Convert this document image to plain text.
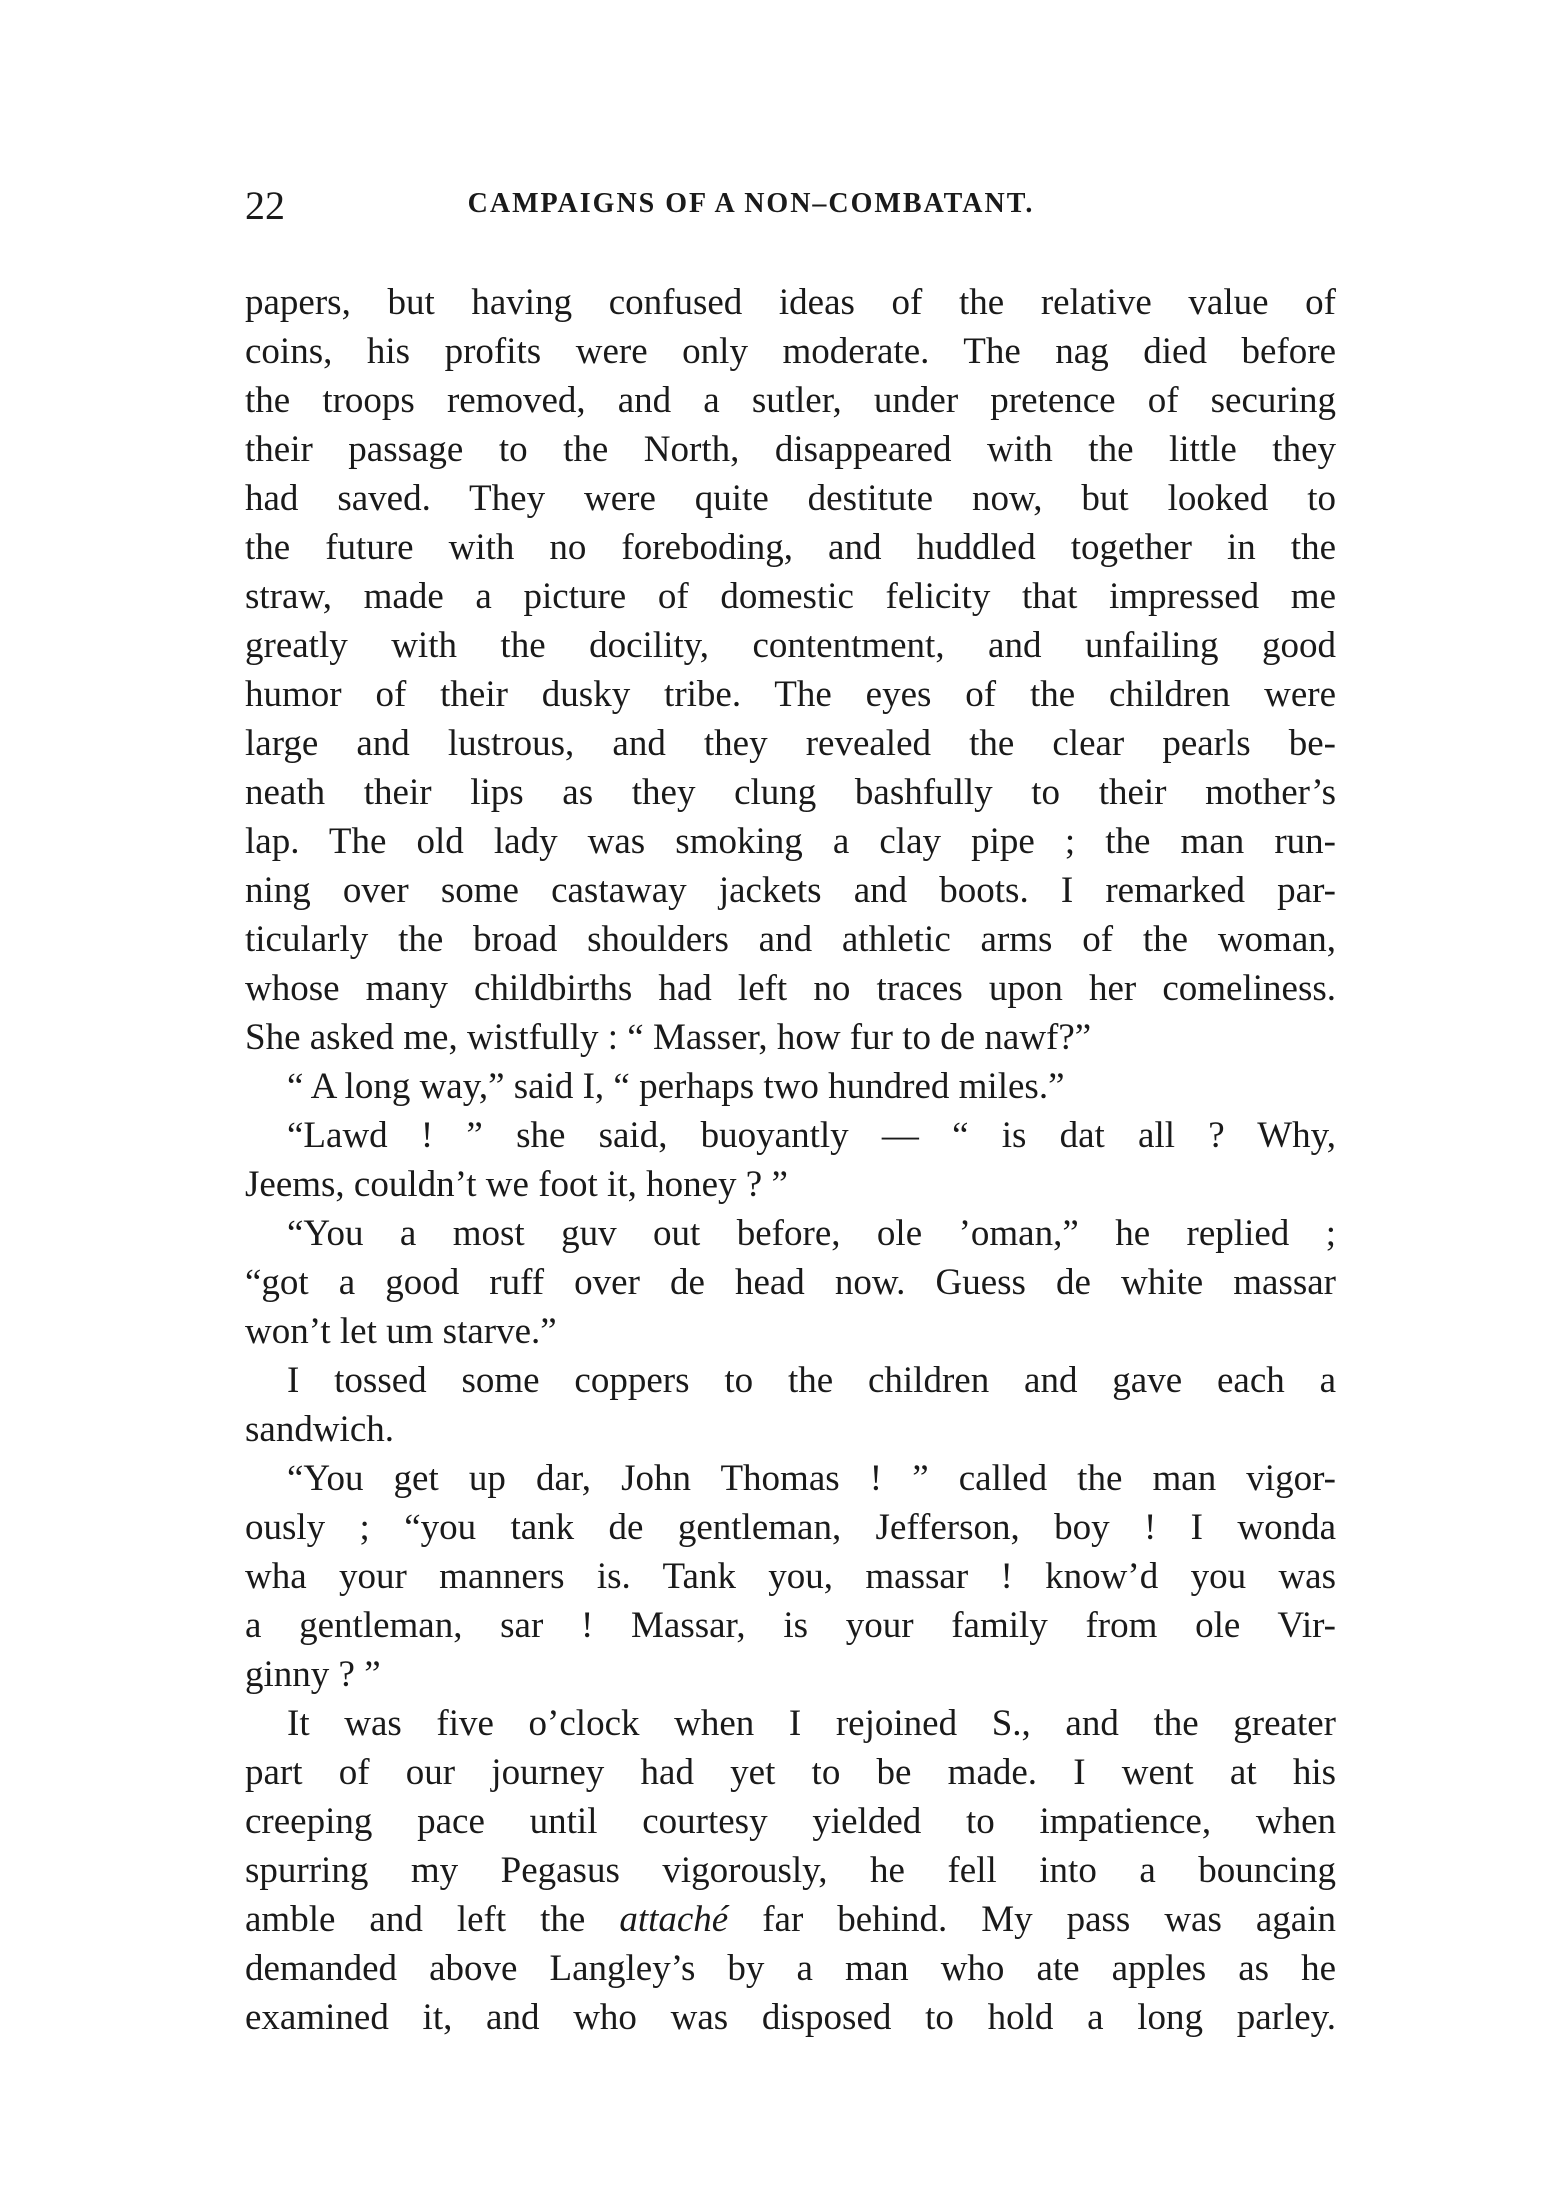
22	CAMPAIGNS OF A NON–COMBATANT.
papers, but having confused ideas of the relative value of
coins, his profits were only moderate. The nag died before
the troops removed, and a sutler, under pretence of securing
their passage to the North, disappeared with the little they
had saved. They were quite destitute now, but looked to
the future with no foreboding, and huddled together in the
straw, made a picture of domestic felicity that impressed me
greatly with the docility, contentment, and unfailing good
humor of their dusky tribe. The eyes of the children were
large and lustrous, and they revealed the clear pearls be-
neath their lips as they clung bashfully to their mother’s
lap. The old lady was smoking a clay pipe ; the man run-
ning over some castaway jackets and boots. I remarked par-
ticularly the broad shoulders and athletic arms of the woman,
whose many childbirths had left no traces upon her comeliness.
She asked me, wistfully : “ Masser, how fur to de nawf?”
“ A long way,” said I, “ perhaps two hundred miles.”
“Lawd ! ” she said, buoyantly — “ is dat all ? Why,
Jeems, couldn’t we foot it, honey ? ”
“You a most guv out before, ole ’oman,” he replied ;
“got a good ruff over de head now. Guess de white massar
won’t let um starve.”
I tossed some coppers to the children and gave each a
sandwich.
“You get up dar, John Thomas ! ” called the man vigor-
ously ; “you tank de gentleman, Jefferson, boy ! I wonda
wha your manners is. Tank you, massar ! know’d you was
a gentleman, sar ! Massar, is your family from ole Vir-
ginny ? ”
It was five o’clock when I rejoined S., and the greater
part of our journey had yet to be made. I went at his
creeping pace until courtesy yielded to impatience, when
spurring my Pegasus vigorously, he fell into a bouncing
amble and left the attaché far behind. My pass was again
demanded above Langley’s by a man who ate apples as he
examined it, and who was disposed to hold a long parley.
